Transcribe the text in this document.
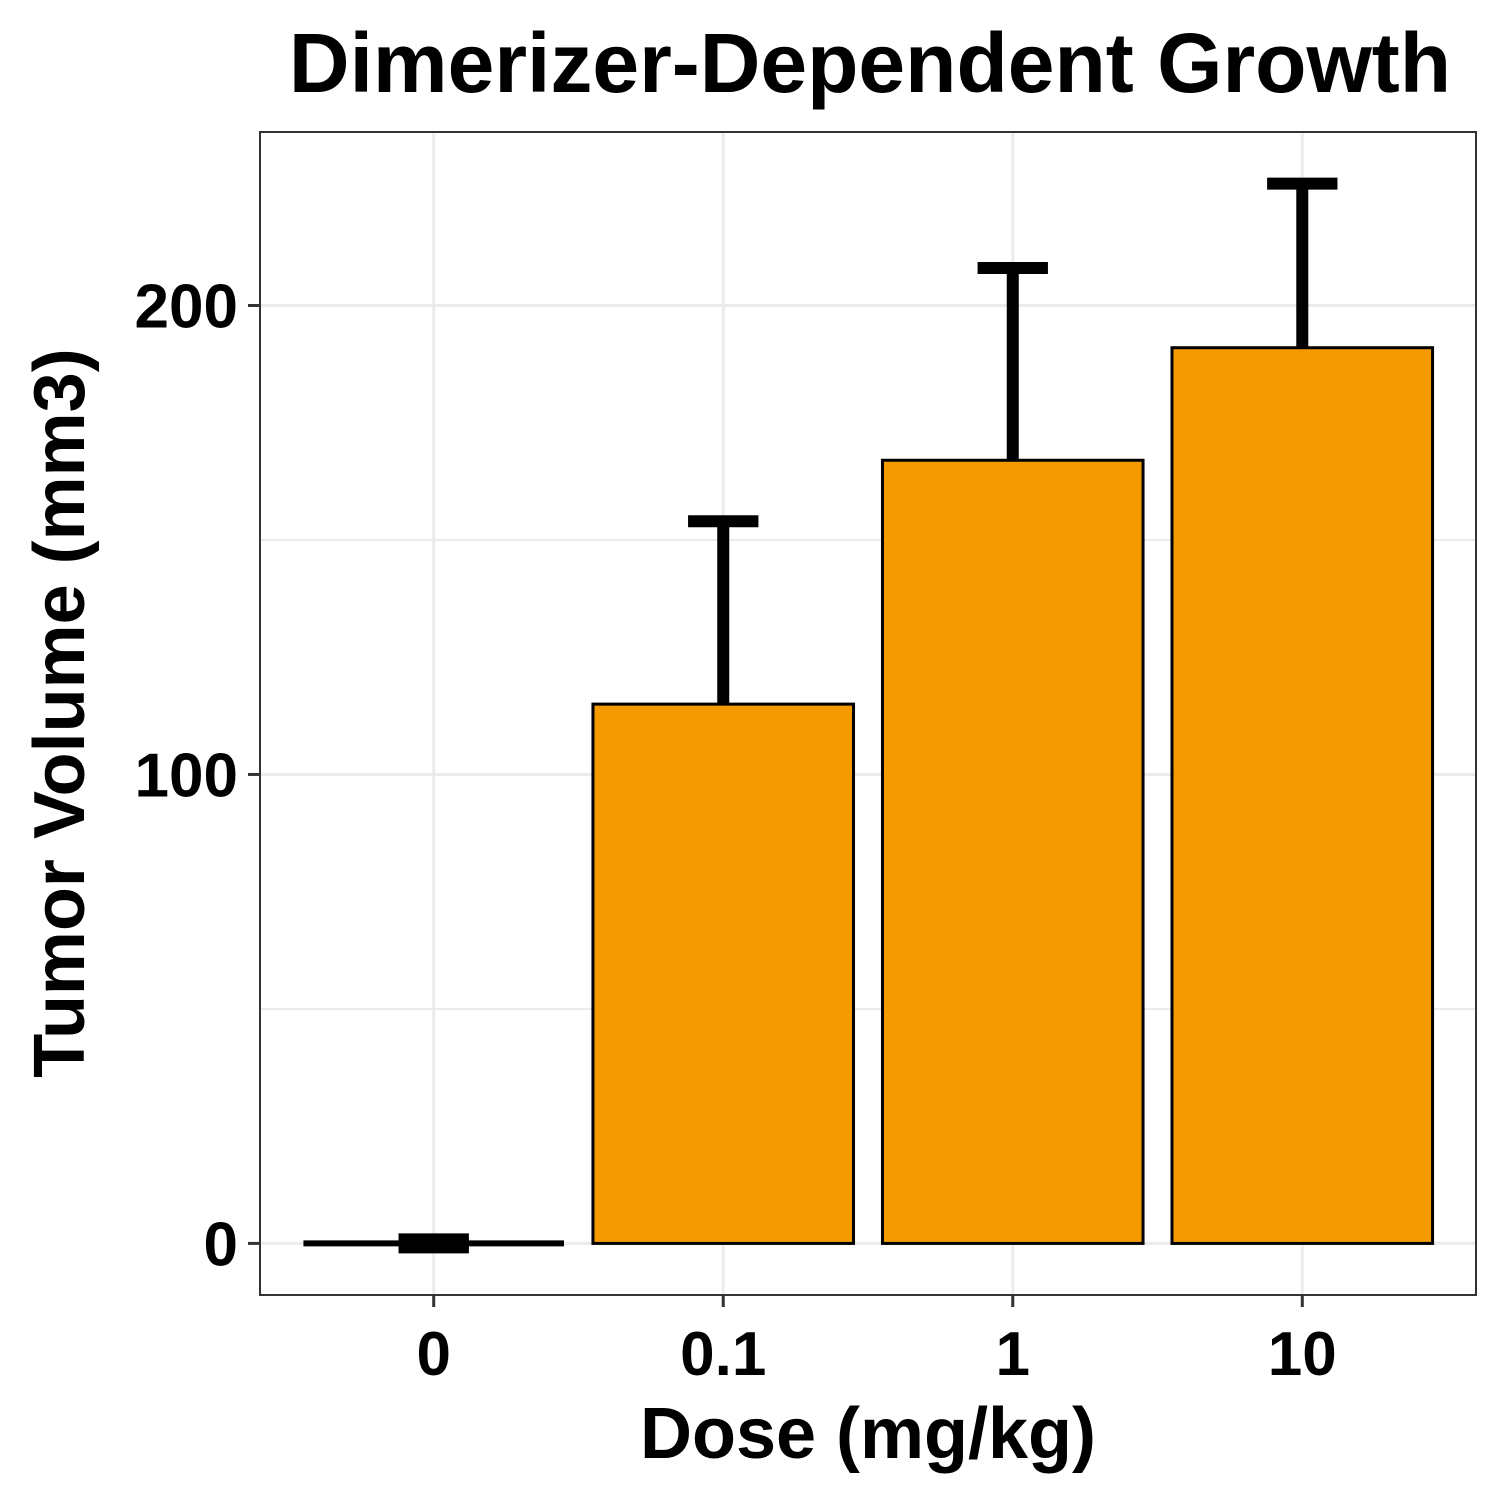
Dimerizer-Dependent Growth
0
100
200
0	0.1	1	10
Dose (mg/kg)
Tumor Volume (mm3)
